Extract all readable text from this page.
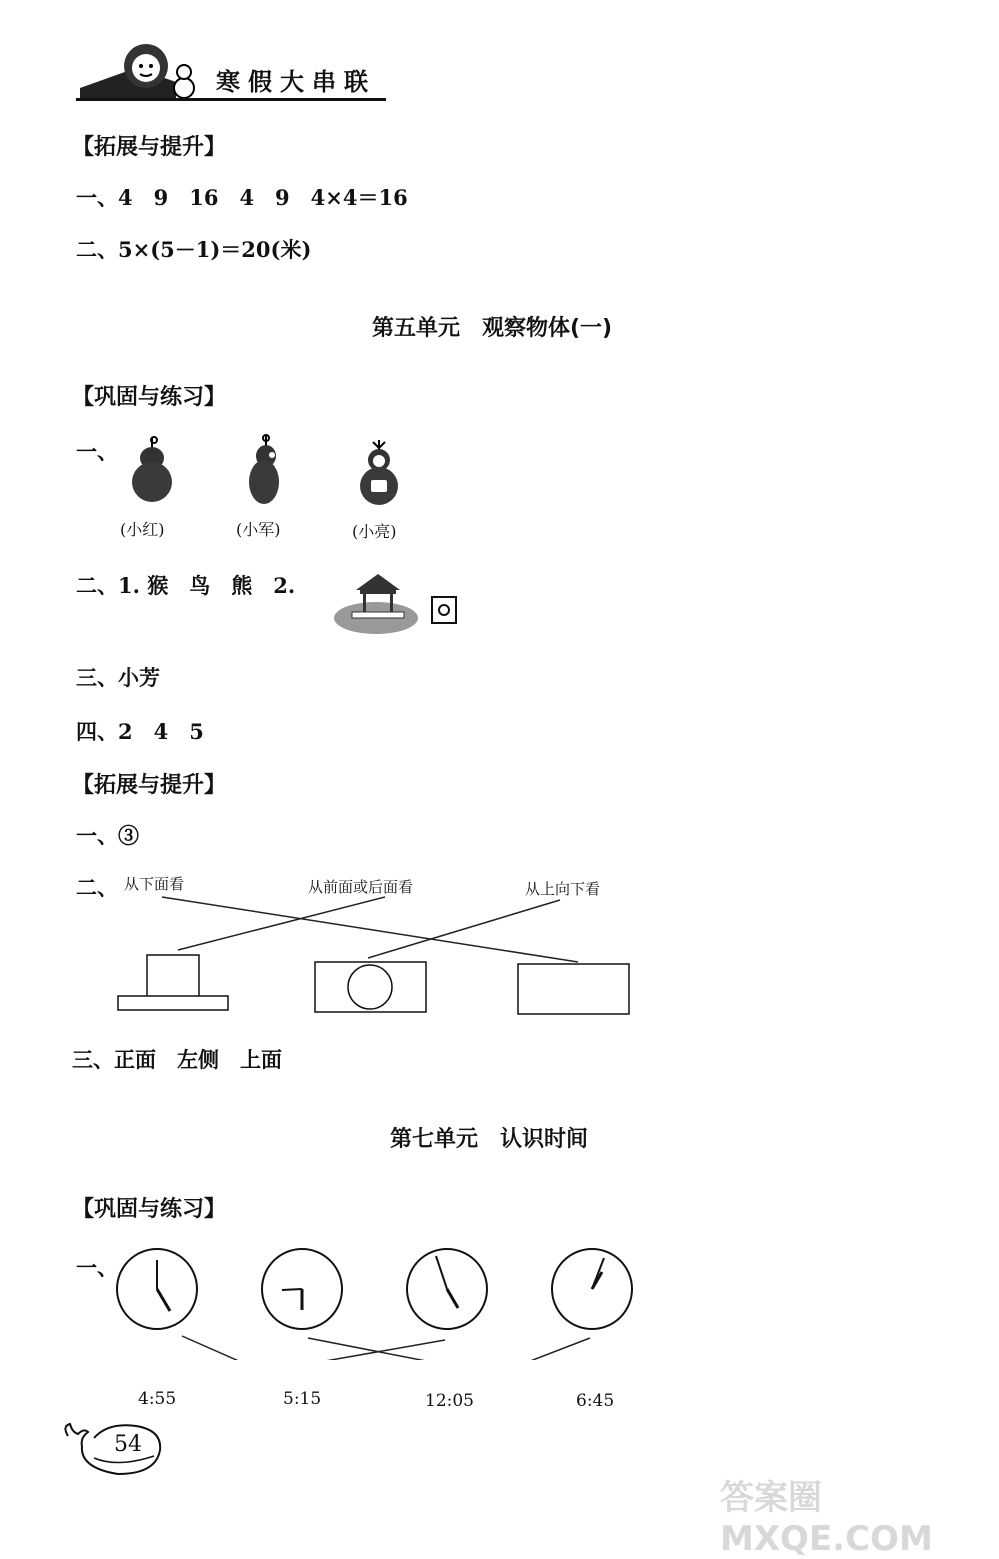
寒假大串联
【拓展与提升】
一、4　9　16　4　9　4×4＝16
二、5×(5－1)＝20(米)
第五单元　观察物体(一)
【巩固与练习】
一、
(小红)	(小军)	(小亮)
二、1. 猴　鸟　熊　2.
三、小芳
四、2　4　5
【拓展与提升】
一、③
二、 从下面看	从前面或后面看	从上向下看
三、正面　左侧　上面
第七单元　认识时间
【巩固与练习】
一、
4:55	5:15	12:05	6:45
54
答案圈 MXQE.COM
